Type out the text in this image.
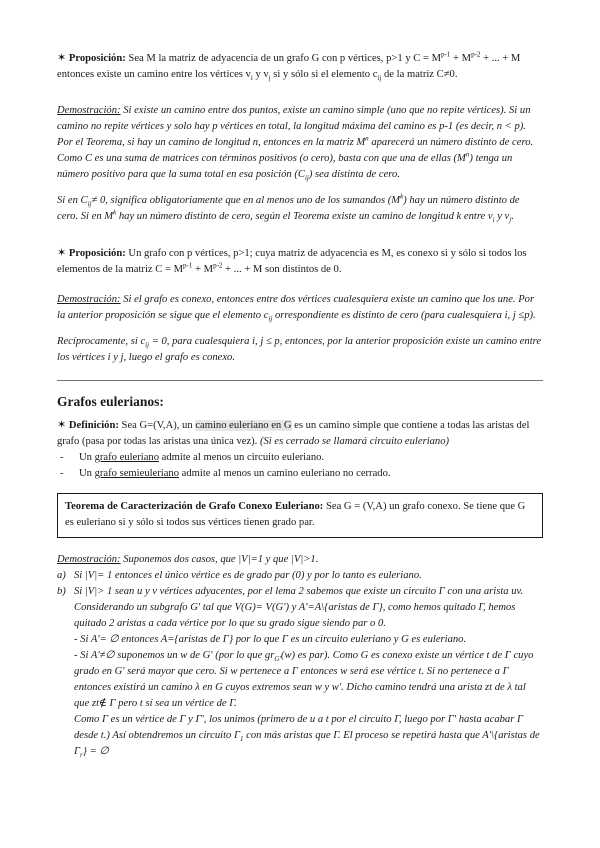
✶ Proposición: Sea M la matriz de adyacencia de un grafo G con p vértices, p>1 y $C = M^{p-1} + M^{p-2}$ + ... + M entonces existe un camino entre los vértices $v_i$ y $v_j$ si y sólo si el elemento $c_{ij}$ de la matriz C≠0.

Demostración: Si existe un camino entre dos puntos, existe un camino simple (uno que no repite vértices). Si un camino no repite vértices y solo hay p vértices en total, la longitud máxima del camino es p-1 (es decir, n < p). Por el Teorema, si hay un camino de longitud n, entonces en la matriz $M^n$ aparecerá un número distinto de cero. Como C es una suma de matrices con términos positivos (o cero), basta con que una de ellas $(M^n)$ tenga un número positivo para que la suma total en esa posición $(C_{ij})$ sea distinta de cero.

Si en $C_{ij}\ne 0$, significa obligatoriamente que en al menos uno de los sumandos $(M^k)$ hay un número distinto de cero. Si en $M^k$ hay un número distinto de cero, según el Teorema existe un camino de longitud k entre $v_i$ y $v_j$.

✶ Proposición: Un grafo con p vértices, p>1; cuya matriz de adyacencia es M, es conexo si y sólo si todos los elementos de la matriz $C = M^{p-1} + M^{p-2}$ + ... + M son distintos de 0.

Demostración: Si el grafo es conexo, entonces entre dos vértices cualesquiera existe un camino que los une. Por la anterior proposición se sigue que el elemento $c_{ij}$ orrespondiente es distinto de cero (para cualesquiera i, j ≤p).

Recíprocamente, si $c_{ij} = 0$, para cualesquiera i, j ≤ p, entonces, por la anterior proposición existe un camino entre los vértices i y j, luego el grafo es conexo.

Grafos eulerianos:

✶ Definición: Sea G=(V,A), un camino euleriano en G es un camino simple que contiene a todas las aristas del grafo (pasa por todas las aristas una única vez). (Si es cerrado se llamará circuito euleriano)

- Un grafo euleriano admite al menos un circuito euleriano.
- Un grafo semieuleriano admite al menos un camino euleriano no cerrado.
Teorema de Caracterización de Grafo Conexo Euleriano: Sea G = (V,A) un grafo conexo. Se tiene que G es euleriano si y sólo si todos sus vértices tienen grado par.

Demostración: Suponemos dos casos, que |V|=1 y que |V|>1.

a) Si |V|= 1 entonces el único vértice es de grado par (0) y por lo tanto es euleriano.
b) Si |V|> 1 sean u y v vértices adyacentes, por el lema 2 sabemos que existe un circuito Γ con una arista uv. Considerando un subgrafo G' tal que V(G)= V(G') y A'=A\{aristas de Γ}, como hemos quitado Γ, hemos quitado 2 aristas a cada vértice por lo que su grado sigue siendo par o 0.

- Si A'= ∅ entonces A={aristas de Γ} por lo que Γ es un circuito euleriano y G es euleriano.

- Si A'≠∅ suponemos un w de G' (por lo que $gr_{G'}(w)$ es par). Como G es conexo existe un vértice t de Γ cuyo grado en G' será mayor que cero. Si w pertenece a Γ entonces w será ese vértice t. Si no pertenece a Γ entonces existirá un camino λ en G cuyos extremos sean w y w'. Dicho camino tendrá una arista zt de λ tal que zt∉ Γ pero t sí sea un vértice de Γ.

Como Γ es un vértice de Γ y Γ', los unimos (primero de u a t por el circuito Γ, luego por Γ' hasta acabar Γ desde t.) Así obtendremos un circuito $\Gamma_1$ con más aristas que Γ. El proceso se repetirá hasta que A'\{aristas de $\Gamma_r$} = ∅
